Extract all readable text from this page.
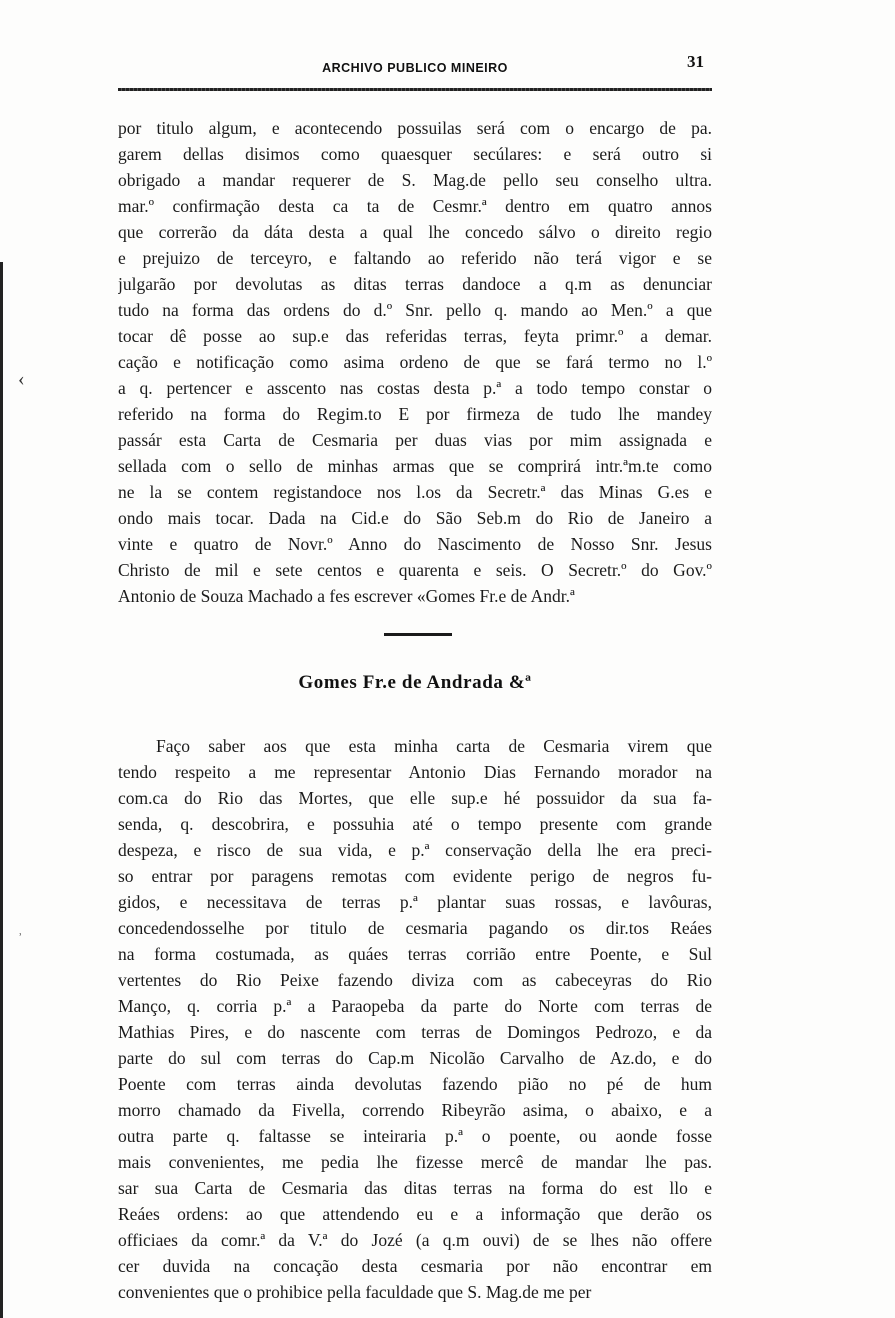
ARCHIVO PUBLICO MINEIRO	31
por titulo algum, e acontecendo possuilas será com o encargo de pa.
garem dellas disimos como quaesquer secúlares: e será outro si
obrigado a mandar requerer de S. Mag.de pello seu conselho ultra.
mar.º confirmação desta ca ta de Cesmr.ª dentro em quatro annos
que correrão da dáta desta a qual lhe concedo sálvo o direito regio
e prejuizo de terceyro, e faltando ao referido não terá vigor e se
julgarão por devolutas as ditas terras dandoce a q.m as denunciar
tudo na forma das ordens do d.º Snr. pello q. mando ao Men.º a que
tocar dê posse ao sup.e das referidas terras, feyta primr.º a demar.
cação e notificação como asima ordeno de que se fará termo no l.º
a q. pertencer e asscento nas costas desta p.ª a todo tempo constar o
referido na forma do Regim.to E por firmeza de tudo lhe mandey
passár esta Carta de Cesmaria per duas vias por mim assignada e
sellada com o sello de minhas armas que se comprirá intr.ªm.te como
ne la se contem registandoce nos l.os da Secretr.ª das Minas G.es e
ondo mais tocar. Dada na Cid.e do São Seb.m do Rio de Janeiro a
vinte e quatro de Novr.º Anno do Nascimento de Nosso Snr. Jesus
Christo de mil e sete centos e quarenta e seis. O Secretr.º do Gov.º
Antonio de Souza Machado a fes escrever «Gomes Fr.e de Andr.ª
Gomes Fr.e de Andrada &ª
Faço saber aos que esta minha carta de Cesmaria virem que
tendo respeito a me representar Antonio Dias Fernando morador na
com.ca do Rio das Mortes, que elle sup.e hé possuidor da sua fa-
senda, q. descobrira, e possuhia até o tempo presente com grande
despeza, e risco de sua vida, e p.ª conservação della lhe era preci-
so entrar por paragens remotas com evidente perigo de negros fu-
gidos, e necessitava de terras p.ª plantar suas rossas, e lavôuras,
concedendosselhe por titulo de cesmaria pagando os dir.tos Reáes
na forma costumada, as quáes terras corrião entre Poente, e Sul
vertentes do Rio Peixe fazendo diviza com as cabeceyras do Rio
Manço, q. corria p.ª a Paraopeba da parte do Norte com terras de
Mathias Pires, e do nascente com terras de Domingos Pedrozo, e da
parte do sul com terras do Cap.m Nicolão Carvalho de Az.do, e do
Poente com terras ainda devolutas fazendo pião no pé de hum
morro chamado da Fivella, correndo Ribeyrão asima, o abaixo, e a
outra parte q. faltasse se inteiraria p.ª o poente, ou aonde fosse
mais convenientes, me pedia lhe fizesse mercê de mandar lhe pas.
sar sua Carta de Cesmaria das ditas terras na forma do est llo e
Reáes ordens: ao que attendendo eu e a informação que derão os
officiaes da comr.ª da V.ª do Jozé (a q.m ouvi) de se lhes não offere
cer duvida na concação desta cesmaria por não encontrar em
convenientes que o prohibice pella faculdade que S. Mag.de me per
‹
ʾ
